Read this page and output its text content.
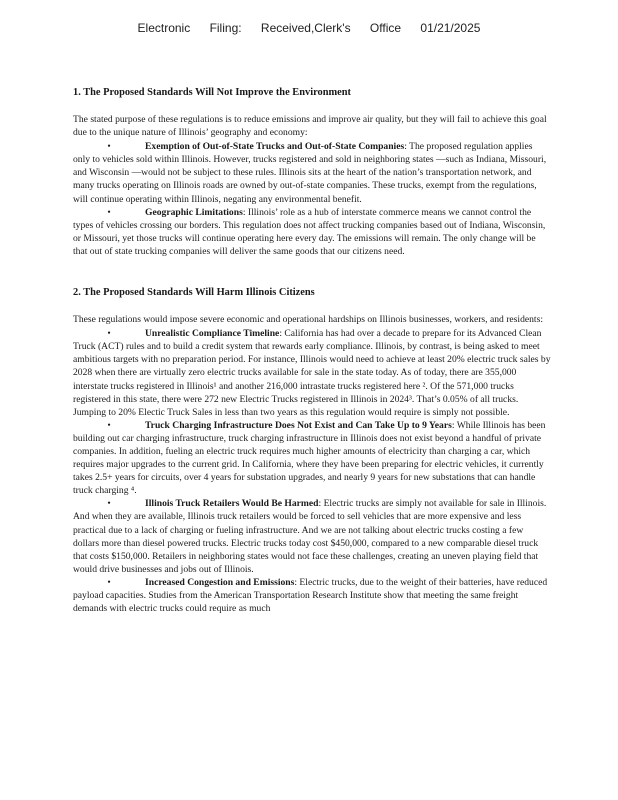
Electronic Filing: Received,Clerk's Office 01/21/2025
1. The Proposed Standards Will Not Improve the Environment

The stated purpose of these regulations is to reduce emissions and improve air quality, but they will fail to achieve this goal due to the unique nature of Illinois’ geography and economy:

•	Exemption of Out-of-State Trucks and Out-of-State Companies: The proposed regulation applies only to vehicles sold within Illinois. However, trucks registered and sold in neighboring states —such as Indiana, Missouri, and Wisconsin —would not be subject to these rules. Illinois sits at the heart of the nation’s transportation network, and many trucks operating on Illinois roads are owned by out-of-state companies. These trucks, exempt from the regulations, will continue operating within Illinois, negating any environmental benefit.

•	Geographic Limitations: Illinois’ role as a hub of interstate commerce means we cannot control the types of vehicles crossing our borders. This regulation does not affect trucking companies based out of Indiana, Wisconsin, or Missouri, yet those trucks will continue operating here every day. The emissions will remain. The only change will be that out of state trucking companies will deliver the same goods that our citizens need.

2. The Proposed Standards Will Harm Illinois Citizens

These regulations would impose severe economic and operational hardships on Illinois businesses, workers, and residents:

•	Unrealistic Compliance Timeline: California has had over a decade to prepare for its Advanced Clean Truck (ACT) rules and to build a credit system that rewards early compliance. Illinois, by contrast, is being asked to meet ambitious targets with no preparation period. For instance, Illinois would need to achieve at least 20% electric truck sales by 2028 when there are virtually zero electric trucks available for sale in the state today. As of today, there are 355,000 interstate trucks registered in Illinois¹ and another 216,000 intrastate trucks registered here ². Of the 571,000 trucks registered in this state, there were 272 new Electric Trucks registered in Illinois in 2024³. That’s 0.05% of all trucks. Jumping to 20% Electic Truck Sales in less than two years as this regulation would require is simply not possible.

•	Truck Charging Infrastructure Does Not Exist and Can Take Up to 9 Years: While Illinois has been building out car charging infrastructure, truck charging infrastructure in Illinois does not exist beyond a handful of private companies. In addition, fueling an electric truck requires much higher amounts of electricity than charging a car, which requires major upgrades to the current grid. In California, where they have been preparing for electric vehicles, it currently takes 2.5+ years for circuits, over 4 years for substation upgrades, and nearly 9 years for new substations that can handle truck charging ⁴.

•	Illinois Truck Retailers Would Be Harmed: Electric trucks are simply not available for sale in Illinois. And when they are available, Illinois truck retailers would be forced to sell vehicles that are more expensive and less practical due to a lack of charging or fueling infrastructure. And we are not talking about electric trucks costing a few dollars more than diesel powered trucks. Electric trucks today cost $450,000, compared to a new comparable diesel truck that costs $150,000. Retailers in neighboring states would not face these challenges, creating an uneven playing field that would drive businesses and jobs out of Illinois.

•	Increased Congestion and Emissions: Electric trucks, due to the weight of their batteries, have reduced payload capacities. Studies from the American Transportation Research Institute show that meeting the same freight demands with electric trucks could require as much
